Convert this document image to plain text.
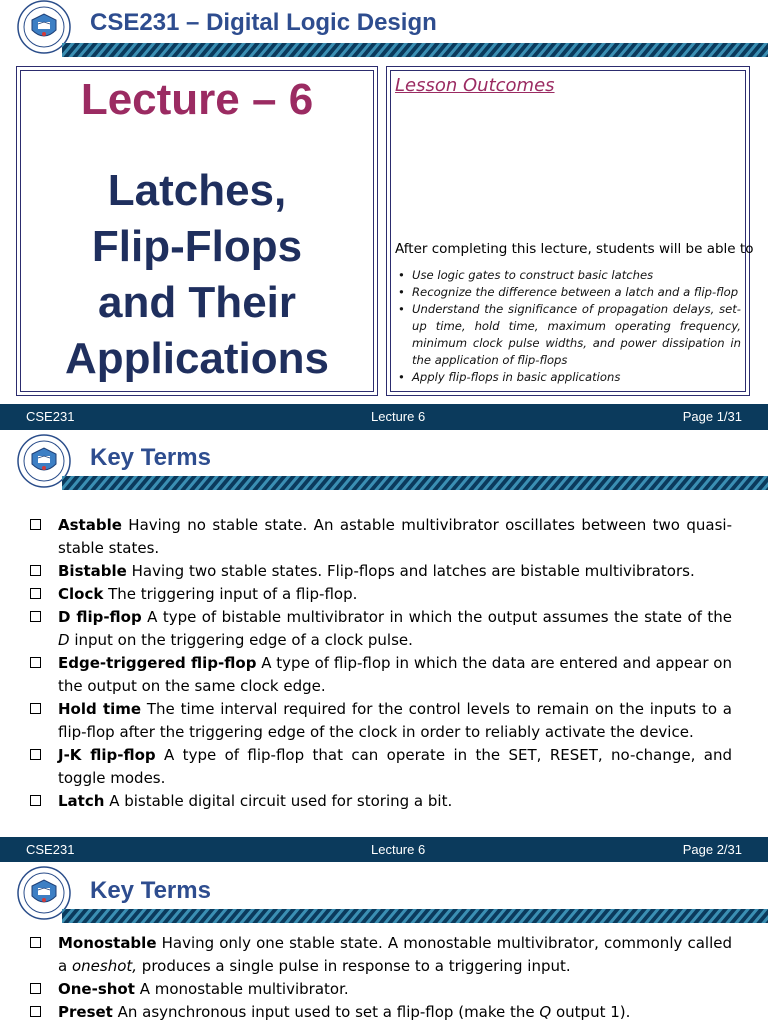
CSE231 – Digital Logic Design
Lecture – 6
Latches,
Flip-Flops
and Their
Applications
Lesson Outcomes
After completing this lecture, students will be able to
• Use logic gates to construct basic latches
• Recognize the difference between a latch and a flip-flop
• Understand the significance of propagation delays, set-up time, hold time, maximum operating frequency, minimum clock pulse widths, and power dissipation in the application of flip-flops
• Apply flip-flops in basic applications
CSE231	Lecture 6	Page 1/31
Key Terms
Astable Having no stable state. An astable multivibrator oscillates between two quasi-stable states.
Bistable Having two stable states. Flip-flops and latches are bistable multivibrators.
Clock The triggering input of a flip-flop.
D flip-flop A type of bistable multivibrator in which the output assumes the state of the D input on the triggering edge of a clock pulse.
Edge-triggered flip-flop A type of flip-flop in which the data are entered and appear on the output on the same clock edge.
Hold time The time interval required for the control levels to remain on the inputs to a flip-flop after the triggering edge of the clock in order to reliably activate the device.
J-K flip-flop A type of flip-flop that can operate in the SET, RESET, no-change, and toggle modes.
Latch A bistable digital circuit used for storing a bit.
CSE231	Lecture 6	Page 2/31
Key Terms
Monostable Having only one stable state. A monostable multivibrator, commonly called a oneshot, produces a single pulse in response to a triggering input.
One-shot A monostable multivibrator.
Preset An asynchronous input used to set a flip-flop (make the Q output 1).
